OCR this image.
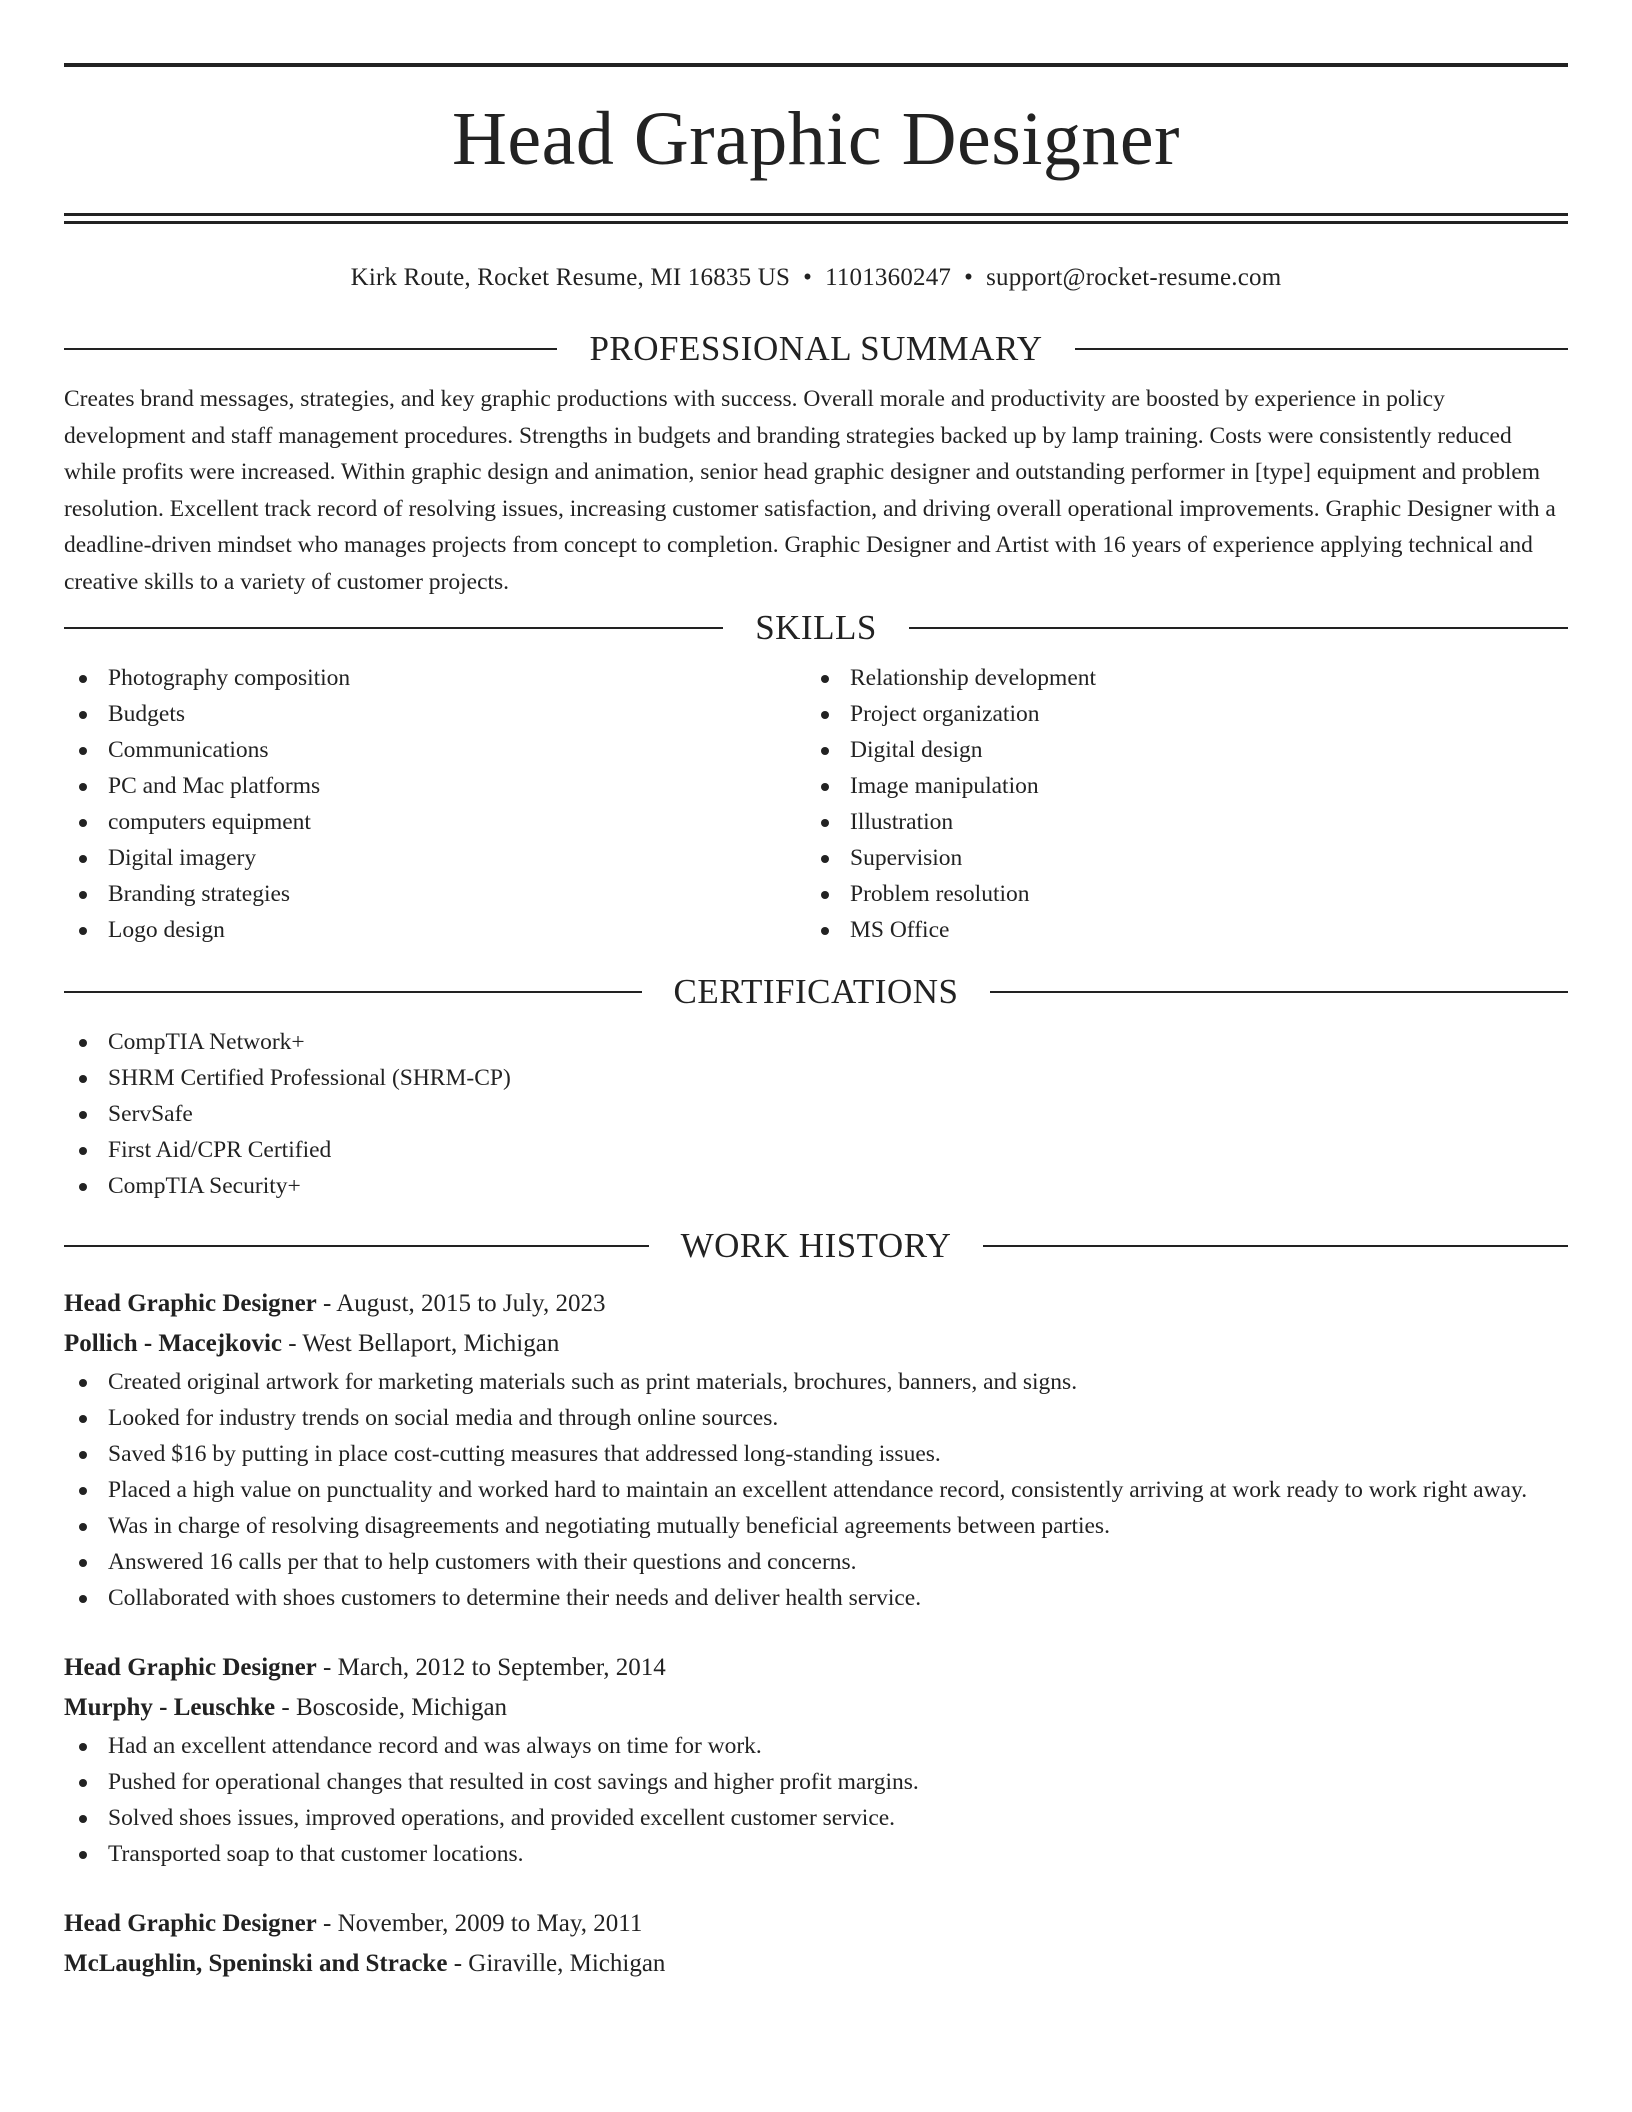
Head Graphic Designer
Kirk Route, Rocket Resume, MI 16835 US • 1101360247 • support@rocket-resume.com
PROFESSIONAL SUMMARY

Creates brand messages, strategies, and key graphic productions with success. Overall morale and productivity are boosted by experience in policy development and staff management procedures. Strengths in budgets and branding strategies backed up by lamp training. Costs were consistently reduced while profits were increased. Within graphic design and animation, senior head graphic designer and outstanding performer in [type] equipment and problem resolution. Excellent track record of resolving issues, increasing customer satisfaction, and driving overall operational improvements. Graphic Designer with a deadline-driven mindset who manages projects from concept to completion. Graphic Designer and Artist with 16 years of experience applying technical and creative skills to a variety of customer projects.

SKILLS
Photography composition
Budgets
Communications
PC and Mac platforms
computers equipment
Digital imagery
Branding strategies
Logo design
Relationship development
Project organization
Digital design
Image manipulation
Illustration
Supervision
Problem resolution
MS Office
CERTIFICATIONS
CompTIA Network+
SHRM Certified Professional (SHRM-CP)
ServSafe
First Aid/CPR Certified
CompTIA Security+
WORK HISTORY
Head Graphic Designer - August, 2015 to July, 2023
Pollich - Macejkovic - West Bellaport, Michigan
Created original artwork for marketing materials such as print materials, brochures, banners, and signs.
Looked for industry trends on social media and through online sources.
Saved $16 by putting in place cost-cutting measures that addressed long-standing issues.
Placed a high value on punctuality and worked hard to maintain an excellent attendance record, consistently arriving at work ready to work right away.
Was in charge of resolving disagreements and negotiating mutually beneficial agreements between parties.
Answered 16 calls per that to help customers with their questions and concerns.
Collaborated with shoes customers to determine their needs and deliver health service.
Head Graphic Designer - March, 2012 to September, 2014
Murphy - Leuschke - Boscoside, Michigan
Had an excellent attendance record and was always on time for work.
Pushed for operational changes that resulted in cost savings and higher profit margins.
Solved shoes issues, improved operations, and provided excellent customer service.
Transported soap to that customer locations.
Head Graphic Designer - November, 2009 to May, 2011
McLaughlin, Speninski and Stracke - Giraville, Michigan
